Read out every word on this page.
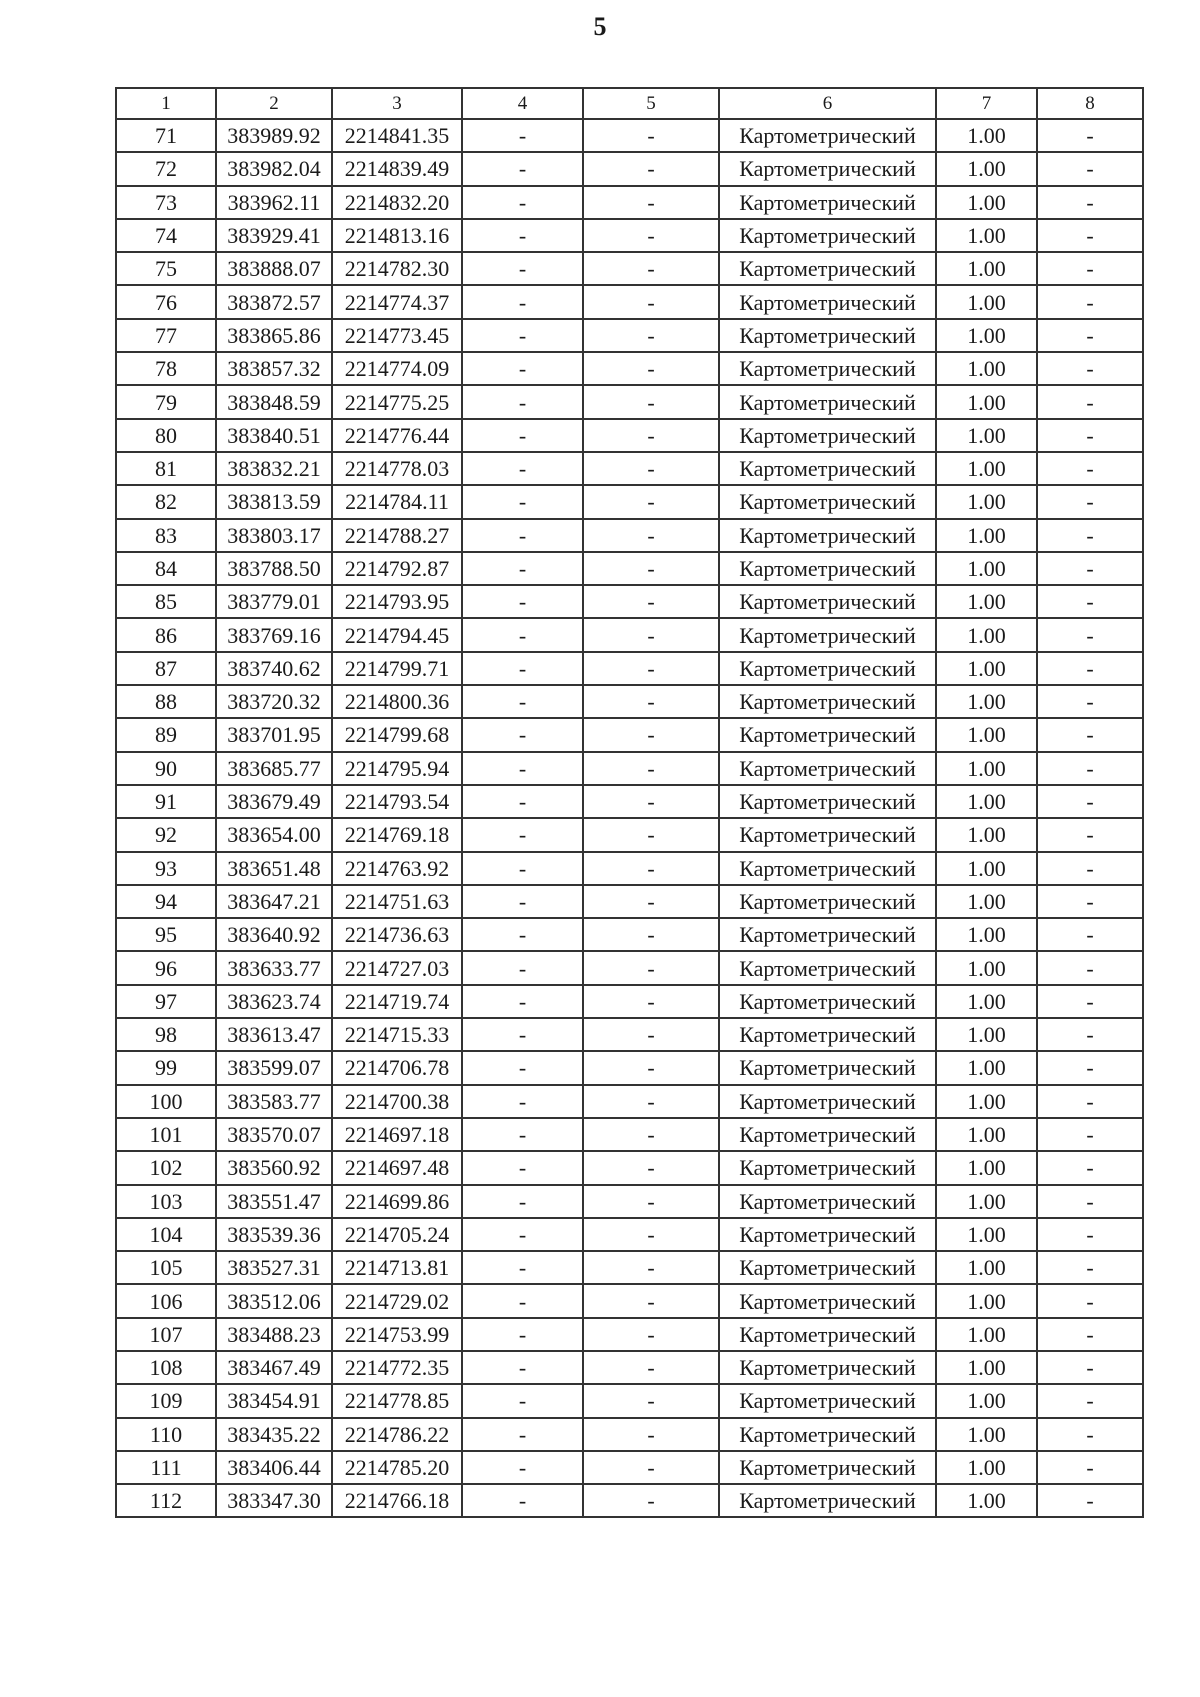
5
1	2	3	4	5	6	7	8
71	383989.92	2214841.35	-	-	Картометрический	1.00	-
72	383982.04	2214839.49	-	-	Картометрический	1.00	-
73	383962.11	2214832.20	-	-	Картометрический	1.00	-
74	383929.41	2214813.16	-	-	Картометрический	1.00	-
75	383888.07	2214782.30	-	-	Картометрический	1.00	-
76	383872.57	2214774.37	-	-	Картометрический	1.00	-
77	383865.86	2214773.45	-	-	Картометрический	1.00	-
78	383857.32	2214774.09	-	-	Картометрический	1.00	-
79	383848.59	2214775.25	-	-	Картометрический	1.00	-
80	383840.51	2214776.44	-	-	Картометрический	1.00	-
81	383832.21	2214778.03	-	-	Картометрический	1.00	-
82	383813.59	2214784.11	-	-	Картометрический	1.00	-
83	383803.17	2214788.27	-	-	Картометрический	1.00	-
84	383788.50	2214792.87	-	-	Картометрический	1.00	-
85	383779.01	2214793.95	-	-	Картометрический	1.00	-
86	383769.16	2214794.45	-	-	Картометрический	1.00	-
87	383740.62	2214799.71	-	-	Картометрический	1.00	-
88	383720.32	2214800.36	-	-	Картометрический	1.00	-
89	383701.95	2214799.68	-	-	Картометрический	1.00	-
90	383685.77	2214795.94	-	-	Картометрический	1.00	-
91	383679.49	2214793.54	-	-	Картометрический	1.00	-
92	383654.00	2214769.18	-	-	Картометрический	1.00	-
93	383651.48	2214763.92	-	-	Картометрический	1.00	-
94	383647.21	2214751.63	-	-	Картометрический	1.00	-
95	383640.92	2214736.63	-	-	Картометрический	1.00	-
96	383633.77	2214727.03	-	-	Картометрический	1.00	-
97	383623.74	2214719.74	-	-	Картометрический	1.00	-
98	383613.47	2214715.33	-	-	Картометрический	1.00	-
99	383599.07	2214706.78	-	-	Картометрический	1.00	-
100	383583.77	2214700.38	-	-	Картометрический	1.00	-
101	383570.07	2214697.18	-	-	Картометрический	1.00	-
102	383560.92	2214697.48	-	-	Картометрический	1.00	-
103	383551.47	2214699.86	-	-	Картометрический	1.00	-
104	383539.36	2214705.24	-	-	Картометрический	1.00	-
105	383527.31	2214713.81	-	-	Картометрический	1.00	-
106	383512.06	2214729.02	-	-	Картометрический	1.00	-
107	383488.23	2214753.99	-	-	Картометрический	1.00	-
108	383467.49	2214772.35	-	-	Картометрический	1.00	-
109	383454.91	2214778.85	-	-	Картометрический	1.00	-
110	383435.22	2214786.22	-	-	Картометрический	1.00	-
111	383406.44	2214785.20	-	-	Картометрический	1.00	-
112	383347.30	2214766.18	-	-	Картометрический	1.00	-
